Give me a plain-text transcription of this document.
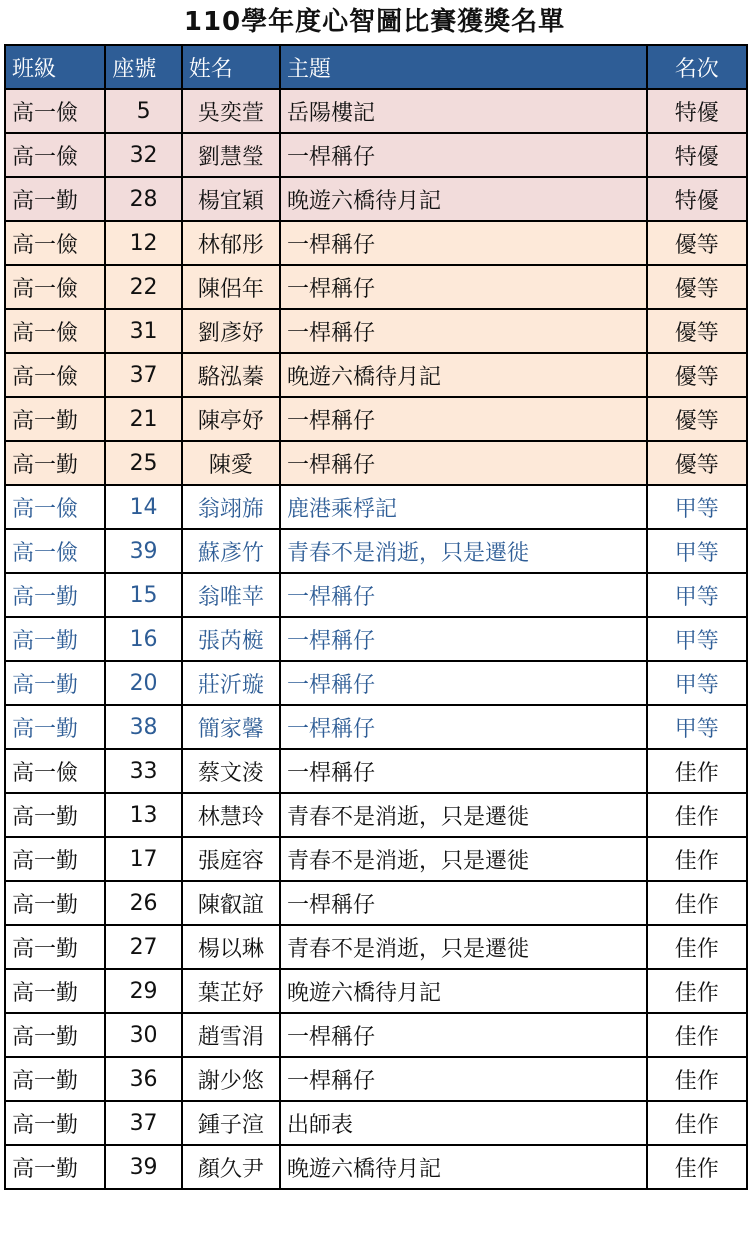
110學年度心智圖比賽獲獎名單
班級	座號	姓名	主題	名次
高一儉	5	吳奕萱	岳陽樓記	特優
高一儉	32	劉慧瑩	一桿稱仔	特優
高一勤	28	楊宜穎	晚遊六橋待月記	特優
高一儉	12	林郁彤	一桿稱仔	優等
高一儉	22	陳侶年	一桿稱仔	優等
高一儉	31	劉彥妤	一桿稱仔	優等
高一儉	37	駱泓蓁	晚遊六橋待月記	優等
高一勤	21	陳亭妤	一桿稱仔	優等
高一勤	25	陳愛	一桿稱仔	優等
高一儉	14	翁翊旆	鹿港乘桴記	甲等
高一儉	39	蘇彥竹	青春不是消逝，只是遷徙	甲等
高一勤	15	翁唯苹	一桿稱仔	甲等
高一勤	16	張芮榳	一桿稱仔	甲等
高一勤	20	莊沂璇	一桿稱仔	甲等
高一勤	38	簡家馨	一桿稱仔	甲等
高一儉	33	蔡文淩	一桿稱仔	佳作
高一勤	13	林慧玲	青春不是消逝，只是遷徙	佳作
高一勤	17	張庭容	青春不是消逝，只是遷徙	佳作
高一勤	26	陳叡誼	一桿稱仔	佳作
高一勤	27	楊以琳	青春不是消逝，只是遷徙	佳作
高一勤	29	葉芷妤	晚遊六橋待月記	佳作
高一勤	30	趙雪涓	一桿稱仔	佳作
高一勤	36	謝少悠	一桿稱仔	佳作
高一勤	37	鍾子渲	出師表	佳作
高一勤	39	顏久尹	晚遊六橋待月記	佳作
